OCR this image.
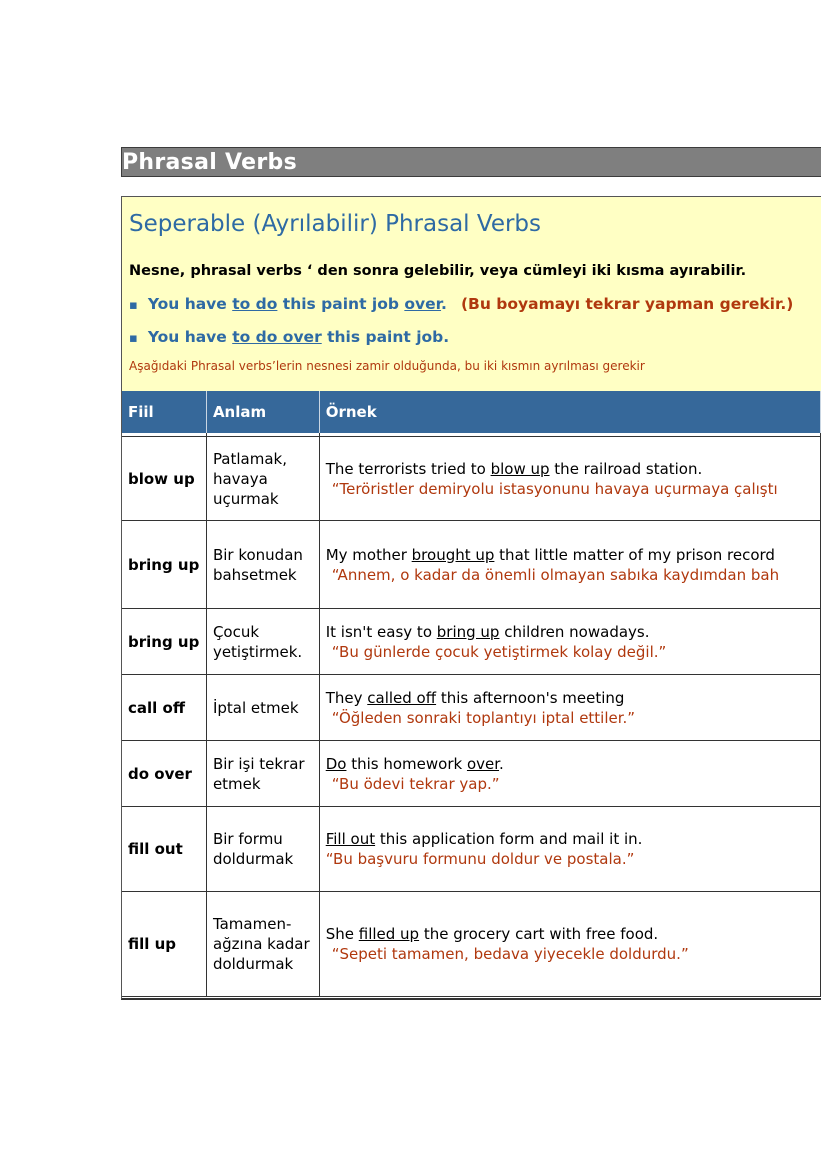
Phrasal Verbs
Seperable (Ayrılabilir) Phrasal Verbs
Nesne, phrasal verbs ‘ den sonra gelebilir, veya cümleyi iki kısma ayırabilir.
▪ You have to do this paint job over. (Bu boyamayı tekrar yapman gerekir.)
▪ You have to do over this paint job.
Aşağıdaki Phrasal verbs’lerin nesnesi zamir olduğunda, bu iki kısmın ayrılması gerekir
Fiil	Anlam	Örnek

blow up	Patlamak, havaya uçurmak	The terrorists tried to blow up the railroad station.
“Teröristler demiryolu istasyonunu havaya uçurmaya çalıştı

bring up	Bir konudan bahsetmek	My mother brought up that little matter of my prison record
“Annem, o kadar da önemli olmayan sabıka kaydımdan bah

bring up	Çocuk yetiştirmek.	It isn't easy to bring up children nowadays.
“Bu günlerde çocuk yetiştirmek kolay değil.”

call off	İptal etmek	They called off this afternoon's meeting
“Öğleden sonraki toplantıyı iptal ettiler.”

do over	Bir işi tekrar etmek	Do this homework over.
“Bu ödevi tekrar yap.”

fill out	Bir formu doldurmak	Fill out this application form and mail it in.
“Bu başvuru formunu doldur ve postala.”

fill up	Tamamen- ağzına kadar doldurmak	She filled up the grocery cart with free food.
“Sepeti tamamen, bedava yiyecekle doldurdu.”
